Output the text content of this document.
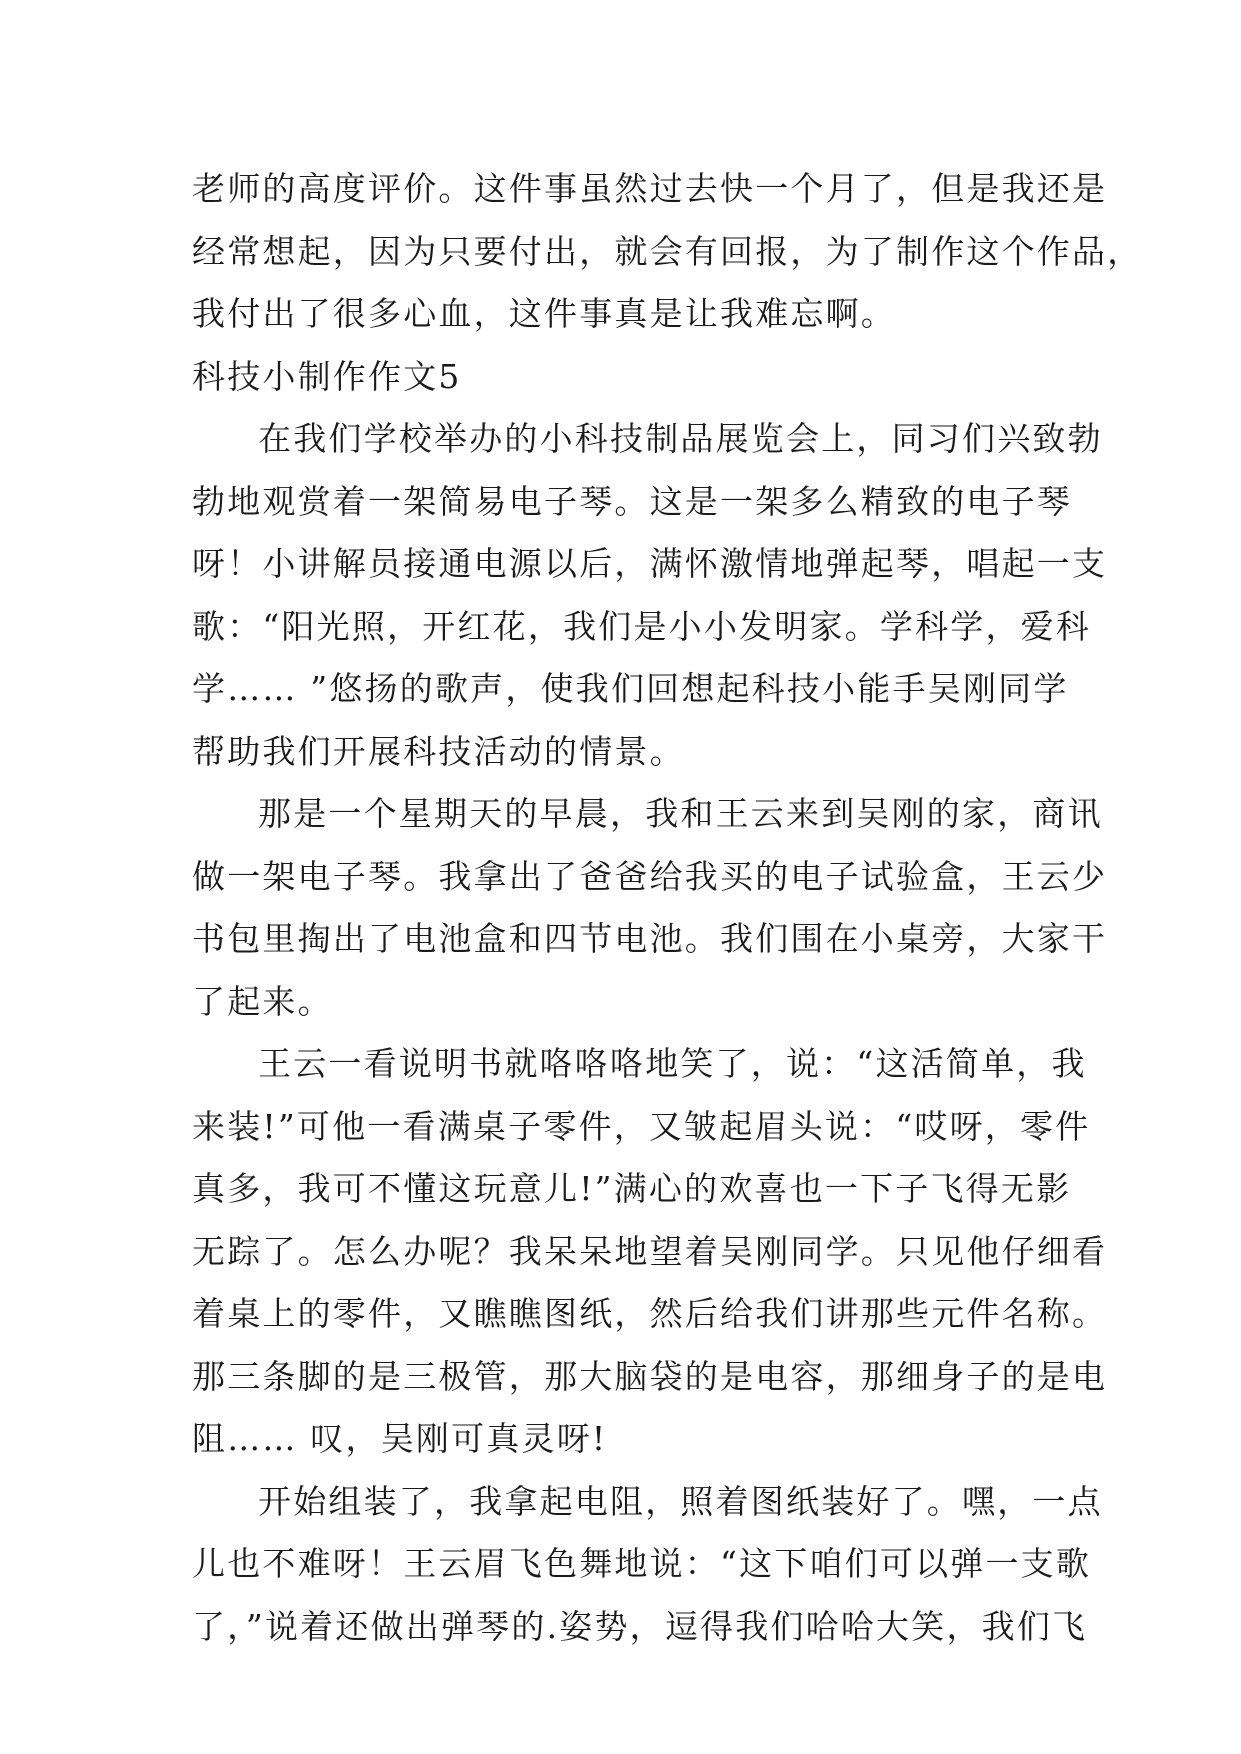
老师的高度评价。这件事虽然过去快一个月了，但是我还是
经常想起，因为只要付出，就会有回报，为了制作这个作品，
我付出了很多心血，这件事真是让我难忘啊。
科技小制作作文5
在我们学校举办的小科技制品展览会上，同习们兴致勃
勃地观赏着一架简易电子琴。这是一架多么精致的电子琴
呀！小讲解员接通电源以后，满怀激情地弹起琴，唱起一支
歌：“阳光照，开红花，我们是小小发明家。学科学，爱科
学…… ”悠扬的歌声，使我们回想起科技小能手吴刚同学
帮助我们开展科技活动的情景。
那是一个星期天的早晨，我和王云来到吴刚的家，商讯
做一架电子琴。我拿出了爸爸给我买的电子试验盒，王云少
书包里掏出了电池盒和四节电池。我们围在小桌旁，大家干
了起来。
王云一看说明书就咯咯咯地笑了，说：“这活简单，我
来装!”可他一看满桌子零件，又皱起眉头说：“哎呀，零件
真多，我可不懂这玩意儿!”满心的欢喜也一下子飞得无影
无踪了。怎么办呢？我呆呆地望着吴刚同学。只见他仔细看
着桌上的零件，又瞧瞧图纸，然后给我们讲那些元件名称。
那三条脚的是三极管，那大脑袋的是电容，那细身子的是电
阻…… 叹，吴刚可真灵呀!
开始组装了，我拿起电阻，照着图纸装好了。嘿，一点
儿也不难呀！王云眉飞色舞地说：“这下咱们可以弹一支歌
了，”说着还做出弹琴的.姿势，逗得我们哈哈大笑，我们飞
